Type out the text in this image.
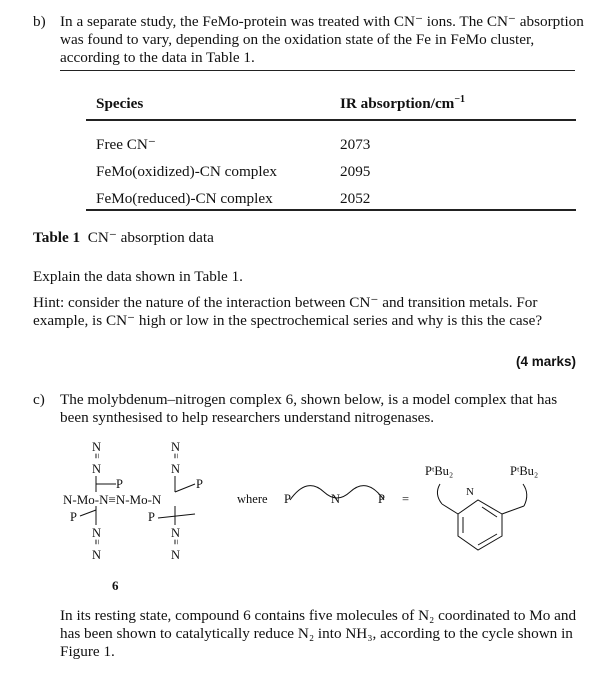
b) In a separate study, the FeMo-protein was treated with CN⁻ ions. The CN⁻ absorption was found to vary, depending on the oxidation state of the Fe in FeMo cluster, according to the data in Table 1.
Species	IR absorption/$cm^{-1}$
Free CN⁻	2073
FeMo(oxidized)-CN complex	2095
FeMo(reduced)-CN complex	2052
Table 1 CN⁻ absorption data
Explain the data shown in Table 1.
Hint: consider the nature of the interaction between CN⁻ and transition metals. For example, is CN⁻ high or low in the spectrochemical series and why is this the case?
(4 marks)
c) The molybdenum–nitrogen complex 6, shown below, is a model complex that has been synthesised to help researchers understand nitrogenases.
N
≡
N
N
≡
N
P	P
N-Mo-N≡N-Mo-N
P	P
N
≡
N
N
≡
N
6
where P	N	P =
PᵗBu₂	PᵗBu₂
N
In its resting state, compound 6 contains five molecules of N₂ coordinated to Mo and has been shown to catalytically reduce N₂ into NH₃, according to the cycle shown in Figure 1.
